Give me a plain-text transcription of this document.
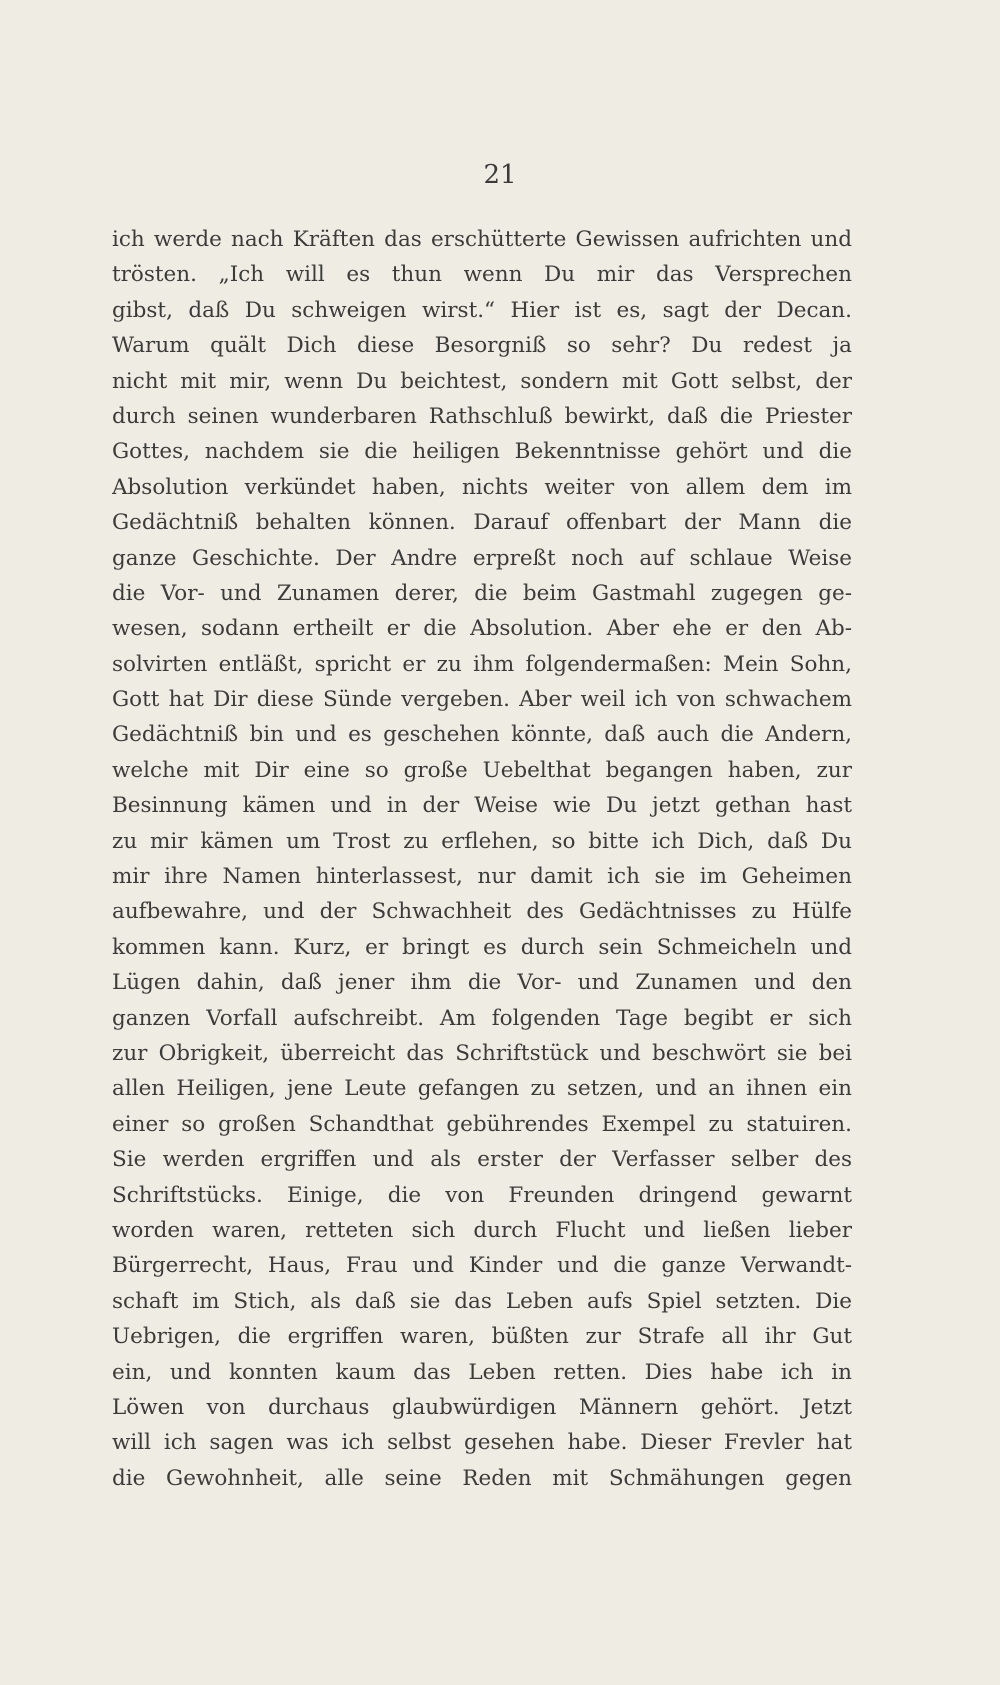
21
ich werde nach Kräften das erschütterte Gewissen aufrichten und
trösten. „Ich will es thun wenn Du mir das Versprechen
gibst, daß Du schweigen wirst.“ Hier ist es, sagt der Decan.
Warum quält Dich diese Besorgniß so sehr? Du redest ja
nicht mit mir, wenn Du beichtest, sondern mit Gott selbst, der
durch seinen wunderbaren Rathschluß bewirkt, daß die Priester
Gottes, nachdem sie die heiligen Bekenntnisse gehört und die
Absolution verkündet haben, nichts weiter von allem dem im
Gedächtniß behalten können. Darauf offenbart der Mann die
ganze Geschichte. Der Andre erpreßt noch auf schlaue Weise
die Vor- und Zunamen derer, die beim Gastmahl zugegen ge-
wesen, sodann ertheilt er die Absolution. Aber ehe er den Ab-
solvirten entläßt, spricht er zu ihm folgendermaßen: Mein Sohn,
Gott hat Dir diese Sünde vergeben. Aber weil ich von schwachem
Gedächtniß bin und es geschehen könnte, daß auch die Andern,
welche mit Dir eine so große Uebelthat begangen haben, zur
Besinnung kämen und in der Weise wie Du jetzt gethan hast
zu mir kämen um Trost zu erflehen, so bitte ich Dich, daß Du
mir ihre Namen hinterlassest, nur damit ich sie im Geheimen
aufbewahre, und der Schwachheit des Gedächtnisses zu Hülfe
kommen kann. Kurz, er bringt es durch sein Schmeicheln und
Lügen dahin, daß jener ihm die Vor- und Zunamen und den
ganzen Vorfall aufschreibt. Am folgenden Tage begibt er sich
zur Obrigkeit, überreicht das Schriftstück und beschwört sie bei
allen Heiligen, jene Leute gefangen zu setzen, und an ihnen ein
einer so großen Schandthat gebührendes Exempel zu statuiren.
Sie werden ergriffen und als erster der Verfasser selber des
Schriftstücks. Einige, die von Freunden dringend gewarnt
worden waren, retteten sich durch Flucht und ließen lieber
Bürgerrecht, Haus, Frau und Kinder und die ganze Verwandt-
schaft im Stich, als daß sie das Leben aufs Spiel setzten. Die
Uebrigen, die ergriffen waren, büßten zur Strafe all ihr Gut
ein, und konnten kaum das Leben retten. Dies habe ich in
Löwen von durchaus glaubwürdigen Männern gehört. Jetzt
will ich sagen was ich selbst gesehen habe. Dieser Frevler hat
die Gewohnheit, alle seine Reden mit Schmähungen gegen
